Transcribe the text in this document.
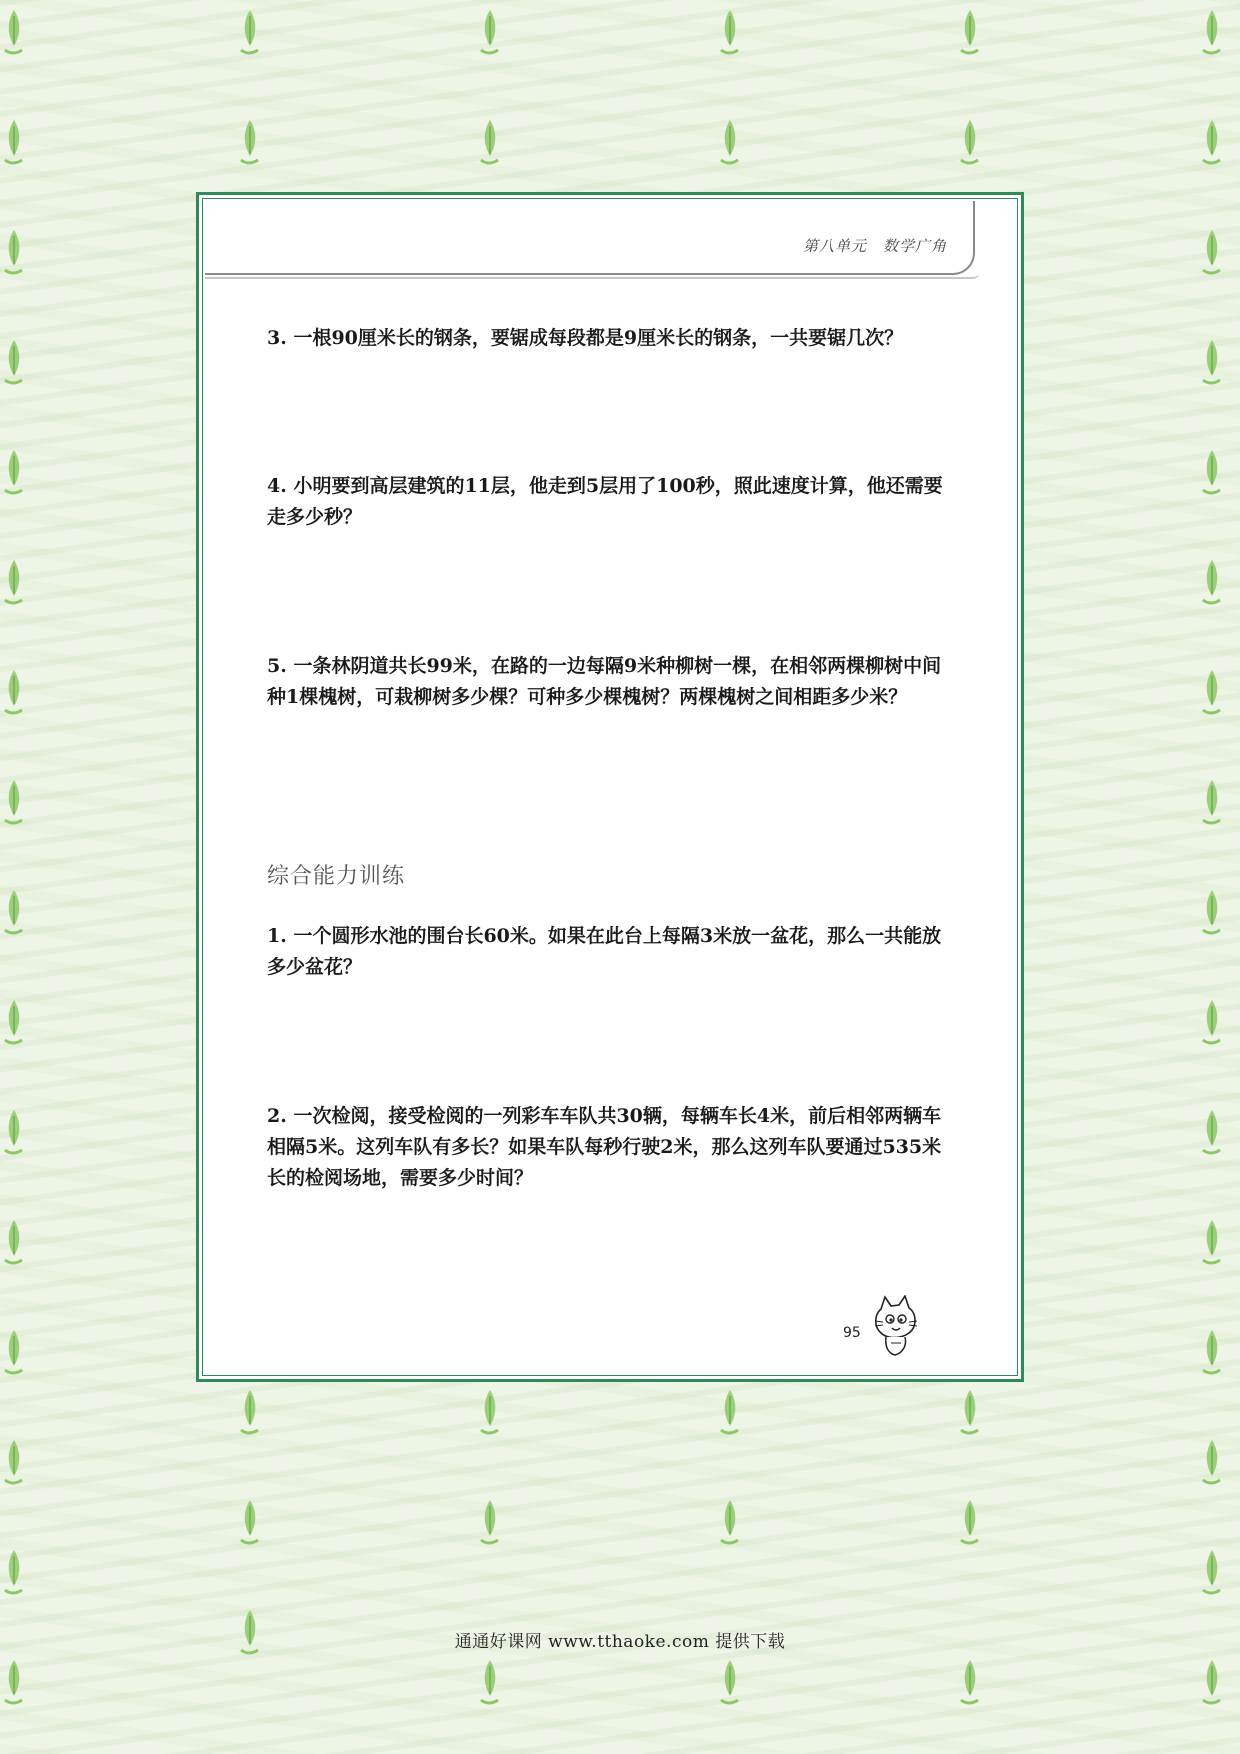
第八单元　数学广角

3. 一根90厘米长的钢条，要锯成每段都是9厘米长的钢条，一共要锯几次？

4. 小明要到高层建筑的11层，他走到5层用了100秒，照此速度计算，他还需要走多少秒？

5. 一条林阴道共长99米，在路的一边每隔9米种柳树一棵，在相邻两棵柳树中间种1棵槐树，可栽柳树多少棵？可种多少棵槐树？两棵槐树之间相距多少米？

综合能力训练

1. 一个圆形水池的围台长60米。如果在此台上每隔3米放一盆花，那么一共能放多少盆花？

2. 一次检阅，接受检阅的一列彩车车队共30辆，每辆车长4米，前后相邻两辆车相隔5米。这列车队有多长？如果车队每秒行驶2米，那么这列车队要通过535米长的检阅场地，需要多少时间？

95
通通好课网 www.tthaoke.com 提供下载
